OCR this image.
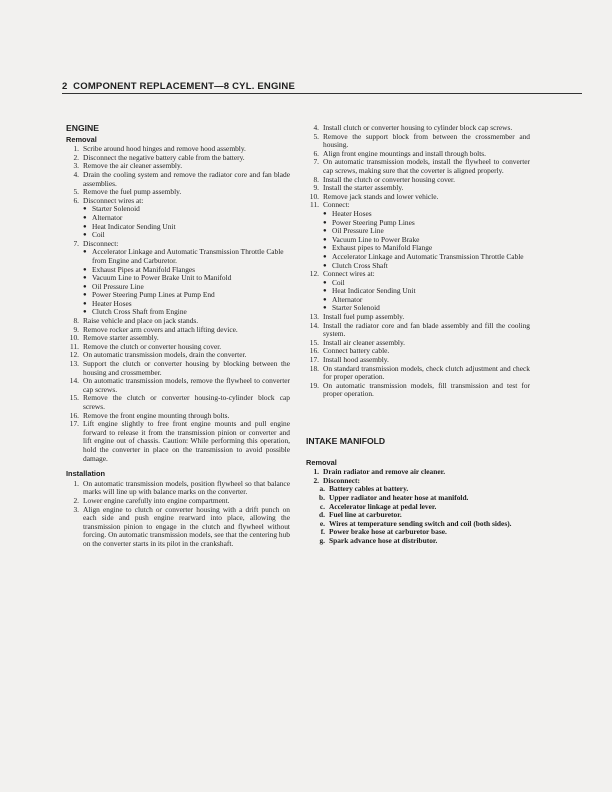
2 COMPONENT REPLACEMENT—8 CYL. ENGINE
ENGINE
Removal
1. Scribe around hood hinges and remove hood assembly.
2. Disconnect the negative battery cable from the battery.
3. Remove the air cleaner assembly.
4. Drain the cooling system and remove the radiator core and fan blade assemblies.
5. Remove the fuel pump assembly.
6. Disconnect wires at:
● Starter Solenoid
● Alternator
● Heat Indicator Sending Unit
● Coil
7. Disconnect:
● Accelerator Linkage and Automatic Transmission Throttle Cable from Engine and Carburetor.
● Exhaust Pipes at Manifold Flanges
● Vacuum Line to Power Brake Unit to Manifold
● Oil Pressure Line
● Power Steering Pump Lines at Pump End
● Heater Hoses
● Clutch Cross Shaft from Engine
8. Raise vehicle and place on jack stands.
9. Remove rocker arm covers and attach lifting device.
10. Remove starter assembly.
11. Remove the clutch or converter housing cover.
12. On automatic transmission models, drain the converter.
13. Support the clutch or converter housing by blocking between the housing and crossmember.
14. On automatic transmission models, remove the flywheel to converter cap screws.
15. Remove the clutch or converter housing-to-cylinder block cap screws.
16. Remove the front engine mounting through bolts.
17. Lift engine slightly to free front engine mounts and pull engine forward to release it from the transmission pinion or converter and lift engine out of chassis. Caution: While performing this operation, hold the converter in place on the transmission to avoid possible damage.
Installation
1. On automatic transmission models, position flywheel so that balance marks will line up with balance marks on the converter.
2. Lower engine carefully into engine compartment.
3. Align engine to clutch or converter housing with a drift punch on each side and push engine rearward into place, allowing the transmission pinion to engage in the clutch and flywheel without forcing. On automatic transmission models, see that the centering hub on the converter starts in its pilot in the crankshaft.
4. Install clutch or converter housing to cylinder block cap screws.
5. Remove the support block from between the crossmember and housing.
6. Align front engine mountings and install through bolts.
7. On automatic transmission models, install the flywheel to converter cap screws, making sure that the coverter is aligned properly.
8. Install the clutch or converter housing cover.
9. Install the starter assembly.
10. Remove jack stands and lower vehicle.
11. Connect:
● Heater Hoses
● Power Steering Pump Lines
● Oil Pressure Line
● Vacuum Line to Power Brake
● Exhaust pipes to Manifold Flange
● Accelerator Linkage and Automatic Transmission Throttle Cable
● Clutch Cross Shaft
12. Connect wires at:
● Coil
● Heat Indicator Sending Unit
● Alternator
● Starter Solenoid
13. Install fuel pump assembly.
14. Install the radiator core and fan blade assembly and fill the cooling system.
15. Install air cleaner assembly.
16. Connect battery cable.
17. Install hood assembly.
18. On standard transmission models, check clutch adjustment and check for proper operation.
19. On automatic transmission models, fill transmission and test for proper operation.
INTAKE MANIFOLD
Removal
1. Drain radiator and remove air cleaner.
2. Disconnect:
a. Battery cables at battery.
b. Upper radiator and heater hose at manifold.
c. Accelerator linkage at pedal lever.
d. Fuel line at carburetor.
e. Wires at temperature sending switch and coil (both sides).
f. Power brake hose at carburetor base.
g. Spark advance hose at distributor.
